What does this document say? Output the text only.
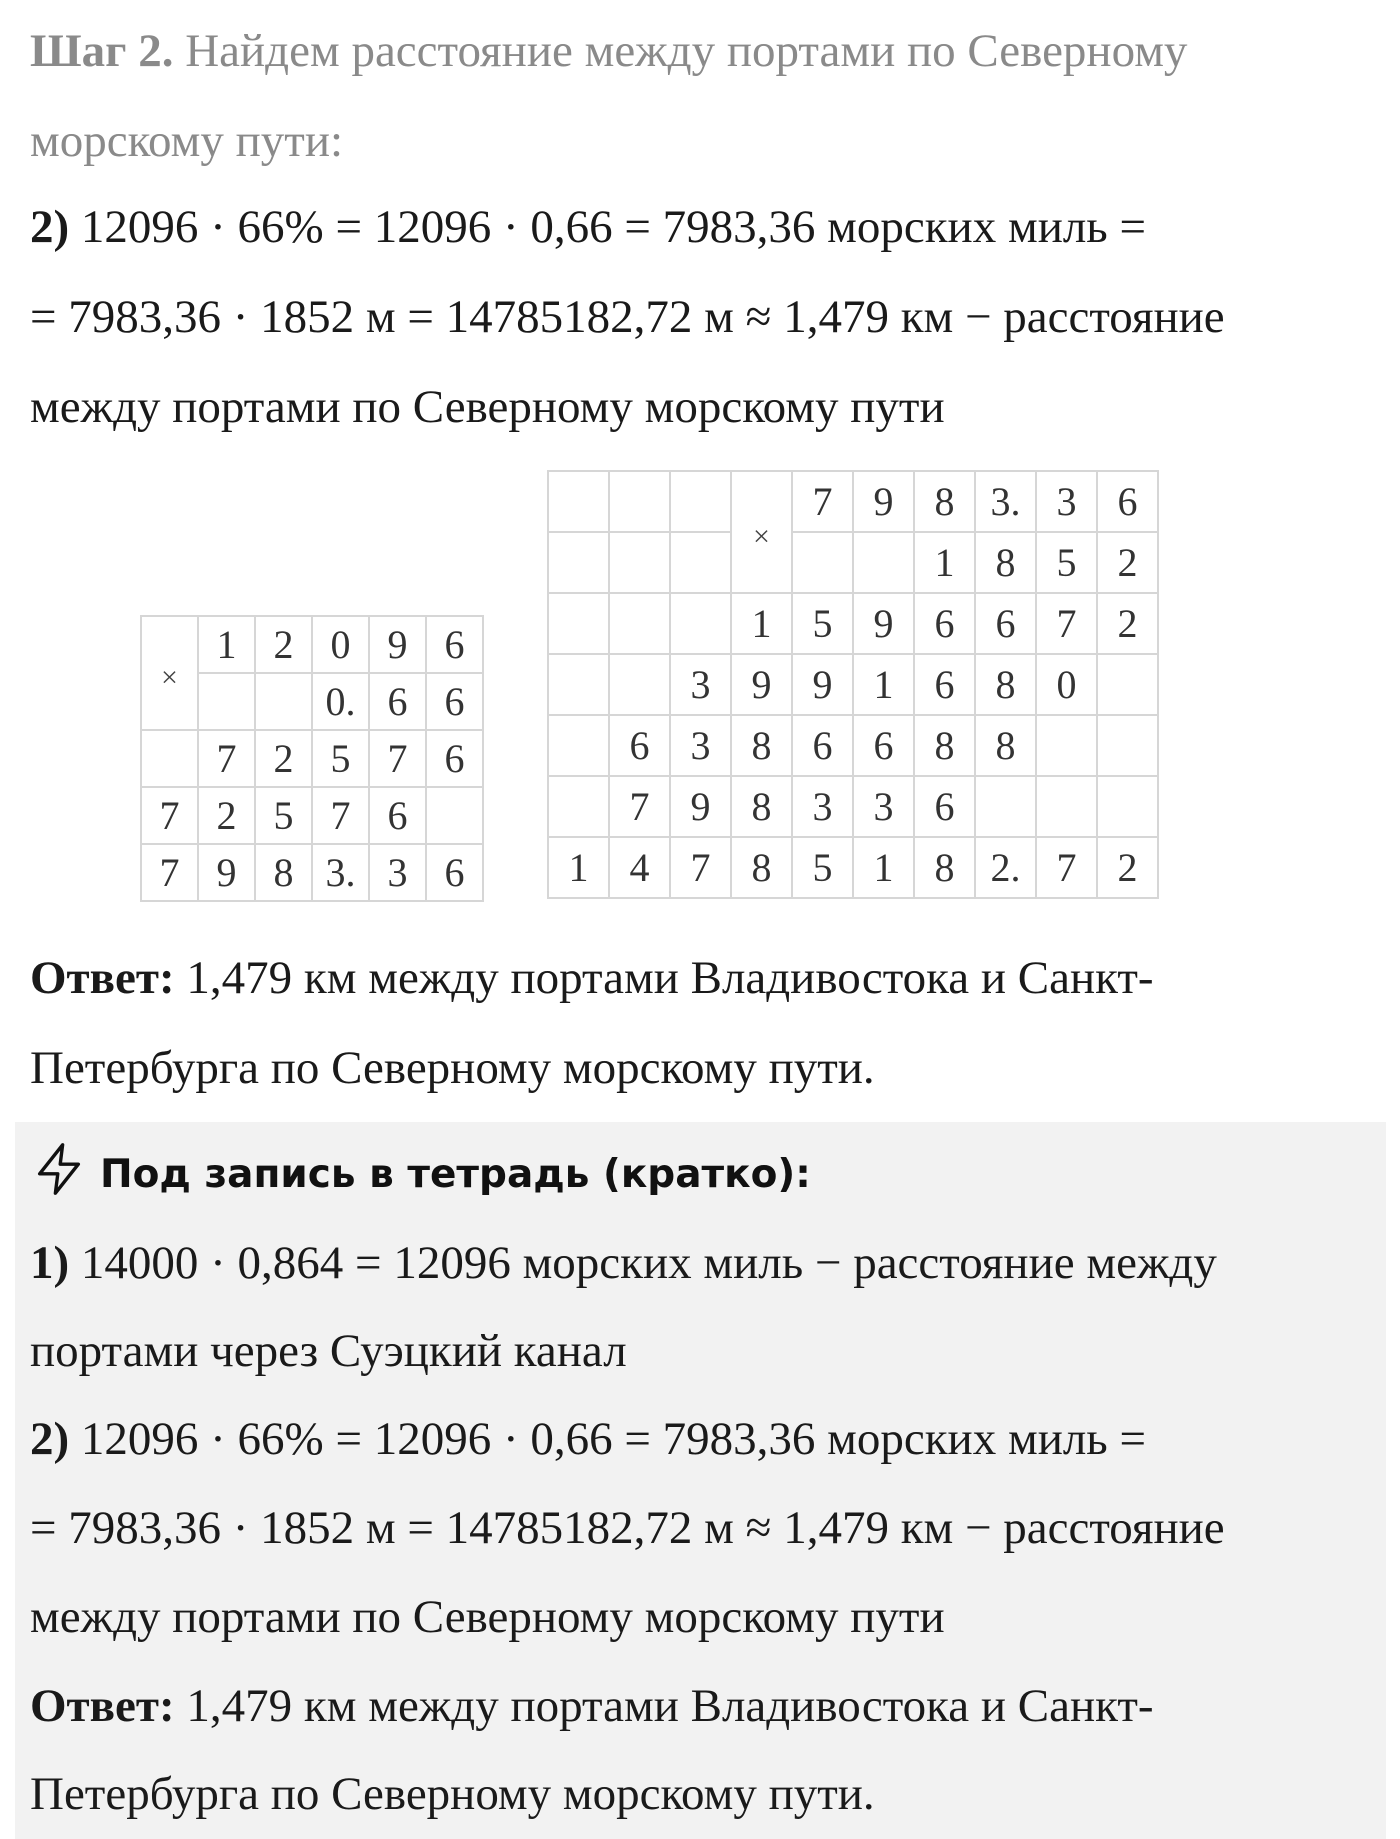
Шаг 2. Найдем расстояние между портами по Северному
морскому пути:
2) 12096 · 66% = 12096 · 0,66 = 7983,36 морских миль =
= 7983,36 · 1852 м = 14785182,72 м ≈ 1,479 км − расстояние
между портами по Северному морскому пути
×	1	2	0	9	6
			0.	6	6
	7	2	5	7	6
7	2	5	7	6	
7	9	8	3.	3	6
			×	7	9	8	3.	3	6
						1	8	5	2
			1	5	9	6	6	7	2
		3	9	9	1	6	8	0	
	6	3	8	6	6	8	8		
	7	9	8	3	3	6			
1	4	7	8	5	1	8	2.	7	2
Ответ: 1,479 км между портами Владивостока и Санкт-
Петербурга по Северному морскому пути.
Под запись в тетрадь (кратко):
1) 14000 · 0,864 = 12096 морских миль − расстояние между
портами через Суэцкий канал
2) 12096 · 66% = 12096 · 0,66 = 7983,36 морских миль =
= 7983,36 · 1852 м = 14785182,72 м ≈ 1,479 км − расстояние
между портами по Северному морскому пути
Ответ: 1,479 км между портами Владивостока и Санкт-
Петербурга по Северному морскому пути.
